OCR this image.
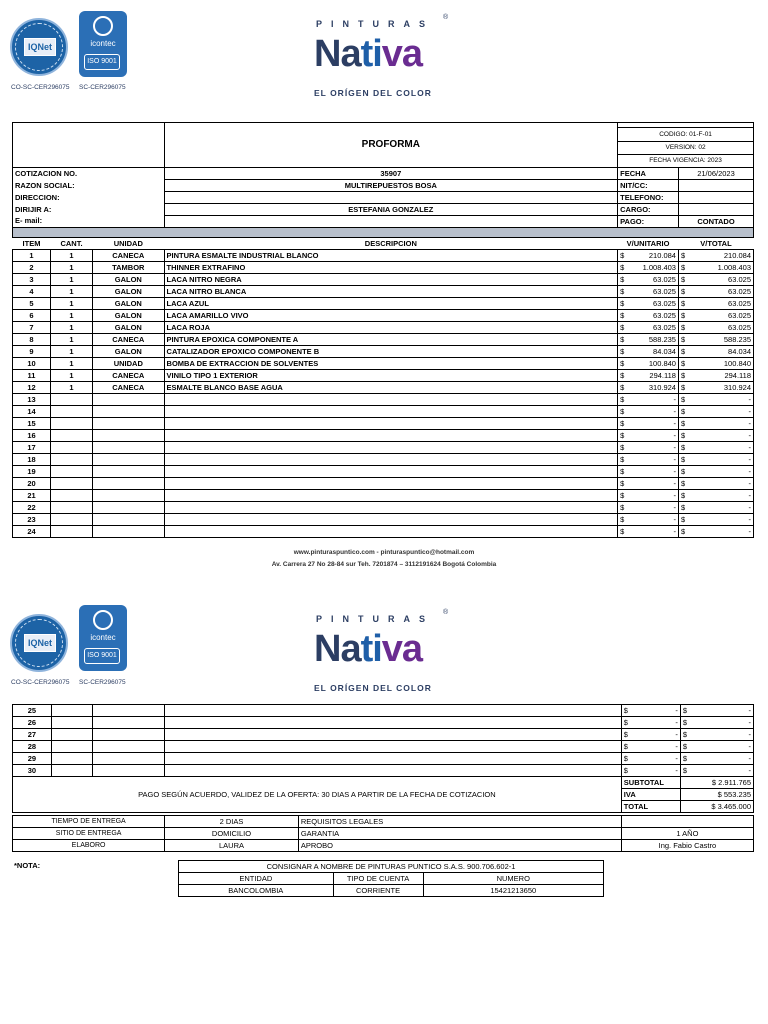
IQNet	icontec
ISO 9001
CO-SC-CER296075 SC-CER296075
PINTURAS
®
Nativa
EL ORÍGEN DEL COLOR
			PROFORMA		
				CODIGO: 01-F-01	
				VERSION: 02	
				FECHA VIGENCIA: 2023	
COTIZACION NO.			35907	FECHA	21/06/2023
RAZON SOCIAL:			MULTIREPUESTOS BOSA	NIT/CC:	
DIRECCION:				TELEFONO:	
DIRIJIR A:			ESTEFANIA GONZALEZ	CARGO:	
E- mail:				PAGO:	CONTADO

ITEM	CANT.	UNIDAD	DESCRIPCION	V/UNITARIO	V/TOTAL
1	1	CANECA	PINTURA ESMALTE INDUSTRIAL BLANCO	$ 210.084	$ 210.084
2	1	TAMBOR	THINNER EXTRAFINO	$ 1.008.403	$ 1.008.403
3	1	GALON	LACA NITRO NEGRA	$ 63.025	$ 63.025
4	1	GALON	LACA NITRO BLANCA	$ 63.025	$ 63.025
5	1	GALON	LACA AZUL	$ 63.025	$ 63.025
6	1	GALON	LACA AMARILLO VIVO	$ 63.025	$ 63.025
7	1	GALON	LACA ROJA	$ 63.025	$ 63.025
8	1	CANECA	PINTURA EPOXICA COMPONENTE A	$ 588.235	$ 588.235
9	1	GALON	CATALIZADOR EPOXICO COMPONENTE B	$ 84.034	$ 84.034
10	1	UNIDAD	BOMBA DE EXTRACCION DE SOLVENTES	$ 100.840	$ 100.840
11	1	CANECA	VINILO TIPO 1 EXTERIOR	$ 294.118	$ 294.118
12	1	CANECA	ESMALTE BLANCO BASE AGUA	$ 310.924	$ 310.924
13				$ -	$ -
14				$ -	$ -
15				$ -	$ -
16				$ -	$ -
17				$ -	$ -
18				$ -	$ -
19				$ -	$ -
20				$ -	$ -
21				$ -	$ -
22				$ -	$ -
23				$ -	$ -
24				$ -	$ -
www.pinturaspuntico.com - pinturaspuntico@hotmail.com
Av. Carrera 27 No 28-84 sur Teh. 7201874 – 3112191624 Bogotá Colombia
IQNet
icontec
ISO 9001
CO-SC-CER296075 SC-CER296075
PINTURAS
®
Nativa
EL ORÍGEN DEL COLOR
25					$ -	$ -
26					$ -	$ -
27					$ -	$ -
28					$ -	$ -
29					$ -	$ -
30					$ -	$ -
PAGO SEGÚN ACUERDO, VALIDEZ DE LA OFERTA: 30 DIAS A PARTIR DE LA FECHA DE COTIZACION					SUBTOTAL	$ 2.911.765
					IVA	$ 553.235
					TOTAL	$ 3.465.000

TIEMPO DE ENTREGA			2 DIAS	REQUISITOS LEGALES		
SITIO DE ENTREGA			DOMICILIO	GARANTIA	1 AÑO	
ELABORO			LAURA	APROBO	Ing. Fabio Castro	
*NOTA:	CONSIGNAR A NOMBRE DE PINTURAS PUNTICO S.A.S. 900.706.602-1		
ENTIDAD	TIPO DE CUENTA	NUMERO
BANCOLOMBIA	CORRIENTE	15421213650
